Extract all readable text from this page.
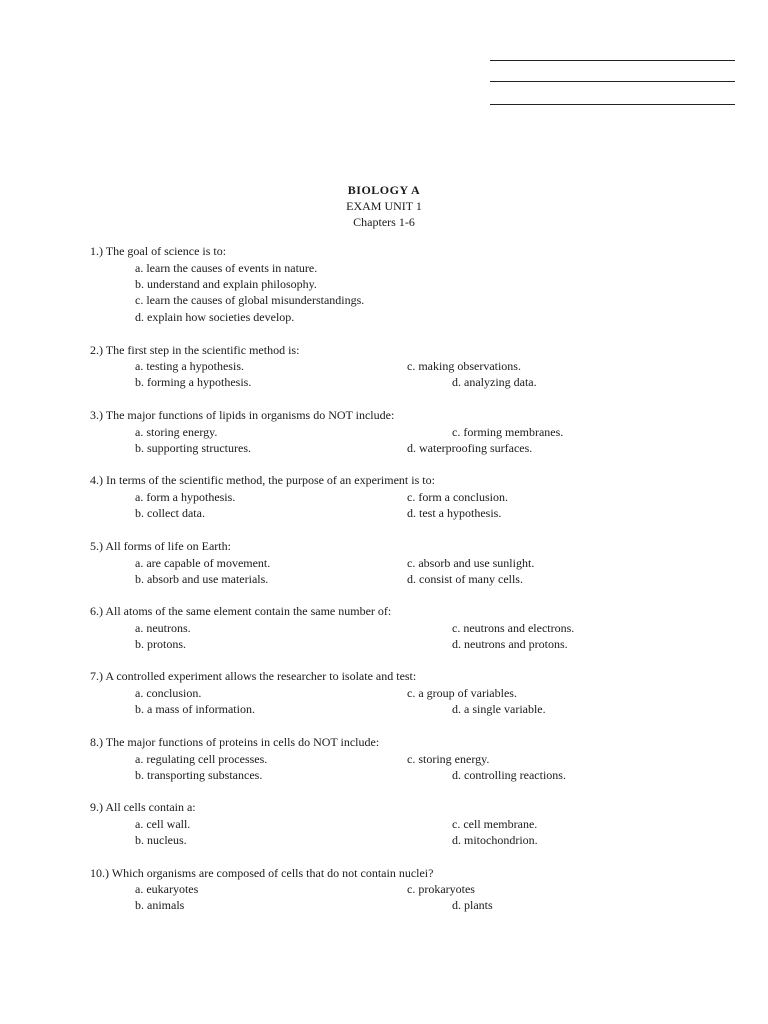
BIOLOGY A
EXAM UNIT 1
Chapters 1-6
1.) The goal of science is to:
a. learn the causes of events in nature.
b. understand and explain philosophy.
c. learn the causes of global misunderstandings.
d. explain how societies develop.
2.) The first step in the scientific method is:
a. testing a hypothesis.	c. making observations.
b. forming a hypothesis.	d. analyzing data.
3.) The major functions of lipids in organisms do NOT include:
a. storing energy.	c. forming membranes.
b. supporting structures.	d. waterproofing surfaces.
4.) In terms of the scientific method, the purpose of an experiment is to:
a. form a hypothesis.	c. form a conclusion.
b. collect data.	d. test a hypothesis.
5.) All forms of life on Earth:
a. are capable of movement.	c. absorb and use sunlight.
b. absorb and use materials.	d. consist of many cells.
6.) All atoms of the same element contain the same number of:
a. neutrons.	c. neutrons and electrons.
b. protons.	d. neutrons and protons.
7.) A controlled experiment allows the researcher to isolate and test:
a. conclusion.	c. a group of variables.
b. a mass of information.	d. a single variable.
8.) The major functions of proteins in cells do NOT include:
a. regulating cell processes.	c. storing energy.
b. transporting substances.	d. controlling reactions.
9.) All cells contain a:
a. cell wall.	c. cell membrane.
b. nucleus.	d. mitochondrion.
10.) Which organisms are composed of cells that do not contain nuclei?
a. eukaryotes	c. prokaryotes
b. animals	d. plants
